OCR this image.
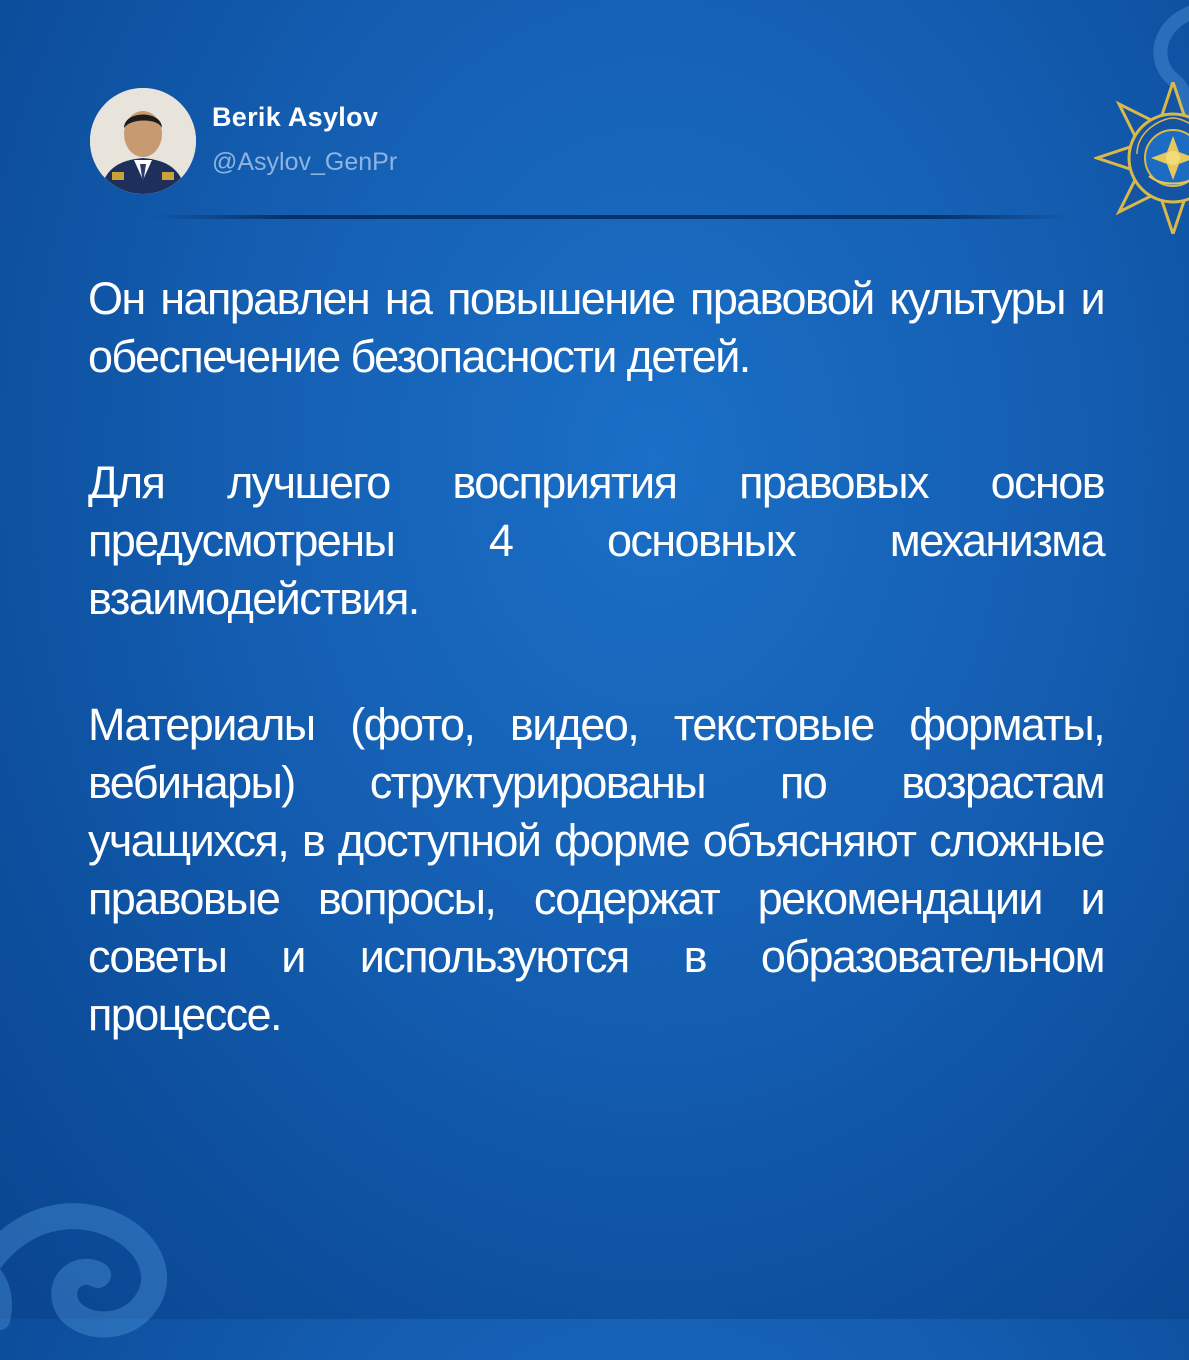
Berik Asylov
@Asylov_GenPr

Он направлен на повышение правовой культуры и обеспечение безопасности детей.

Для лучшего восприятия правовых основ предусмотрены 4 основных механизма взаимодействия.

Материалы (фото, видео, текстовые форматы, вебинары) структурированы по возрастам учащихся, в доступной форме объясняют сложные правовые вопросы, содержат рекомендации и советы и используются в образовательном процессе.
